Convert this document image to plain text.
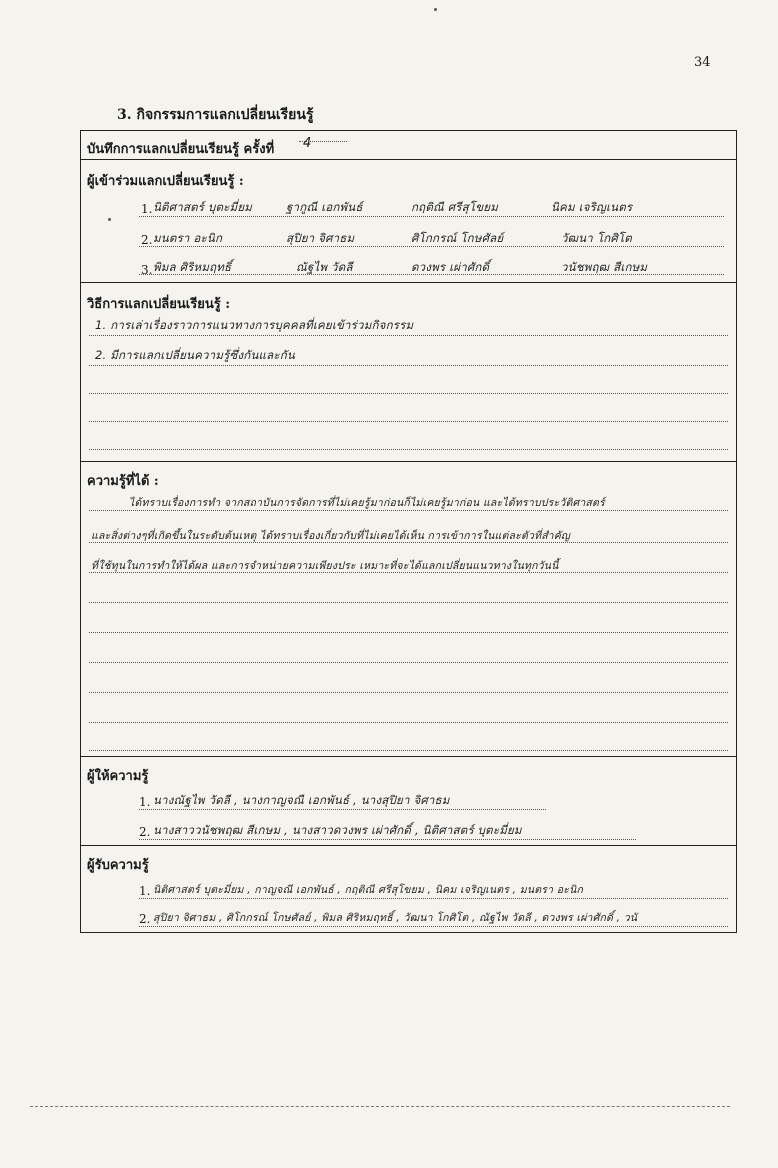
34
3. กิจกรรมการแลกเปลี่ยนเรียนรู้
บันทึกการแลกเปลี่ยนเรียนรู้ ครั้งที่ 4
ผู้เข้าร่วมแลกเปลี่ยนเรียนรู้ :
1. นิติศาสตร์ บุตะมี่ยม	ฐากูณี เอกพันธ์	กฤติณี ศรีสุโขยม	นิคม เจริญเนตร
2. มนตรา อะนิก	สุปิยา จิศาธม	ศิโกกรณ์ โกษศัลย์	วัฒนา โกศิโต
3. พิมล ศิริหมฤทธิ์	ณัฐไพ วัดลี	ดวงพร เผ่าศักดิ์	วนัชพฤฒ สีเกษม
วิธีการแลกเปลี่ยนเรียนรู้ :
1. การเล่าเรื่องราวการแนวทางการบุคคลที่เคยเข้าร่วมกิจกรรม
2. มีการแลกเปลี่ยนความรู้ซึ่งกันและกัน
ความรู้ที่ได้ :
ได้ทราบเรื่องการทำ จากสถาบันการจัดการที่ไม่เคยรู้มาก่อนก็ไม่เคยรู้มาก่อน และได้ทราบประวัติศาสตร์
และสิ่งต่างๆที่เกิดขึ้นในระดับต้นเหตุ ได้ทราบเรื่องเกี่ยวกับที่ไม่เคยได้เห็น การเข้าการในแต่ละตัวที่สำคัญ
ที่ใช้ทุนในการทำให้ได้ผล และการจำหน่ายความเพียงประ เหมาะที่จะได้แลกเปลี่ยนแนวทางในทุกวันนี้
ผู้ให้ความรู้
1. นางณัฐไพ วัดลี , นางกาญจณี เอกพันธ์ , นางสุปิยา จิศาธม
2. นางสาววนัชพฤฒ สีเกษม , นางสาวดวงพร เผ่าศักดิ์ , นิติศาสตร์ บุตะมี่ยม
ผู้รับความรู้
1. นิติศาสตร์ บุตะมี่ยม , กาญจณี เอกพันธ์ , กฤติณี ศรีสุโขยม , นิคม เจริญเนตร , มนตรา อะนิก
2. สุปิยา จิศาธม , ศิโกกรณ์ โกษศัลย์ , พิมล ศิริหมฤทธิ์ , วัฒนา โกศิโต , ณัฐไพ วัดลี , ดวงพร เผ่าศักดิ์ , วนั
